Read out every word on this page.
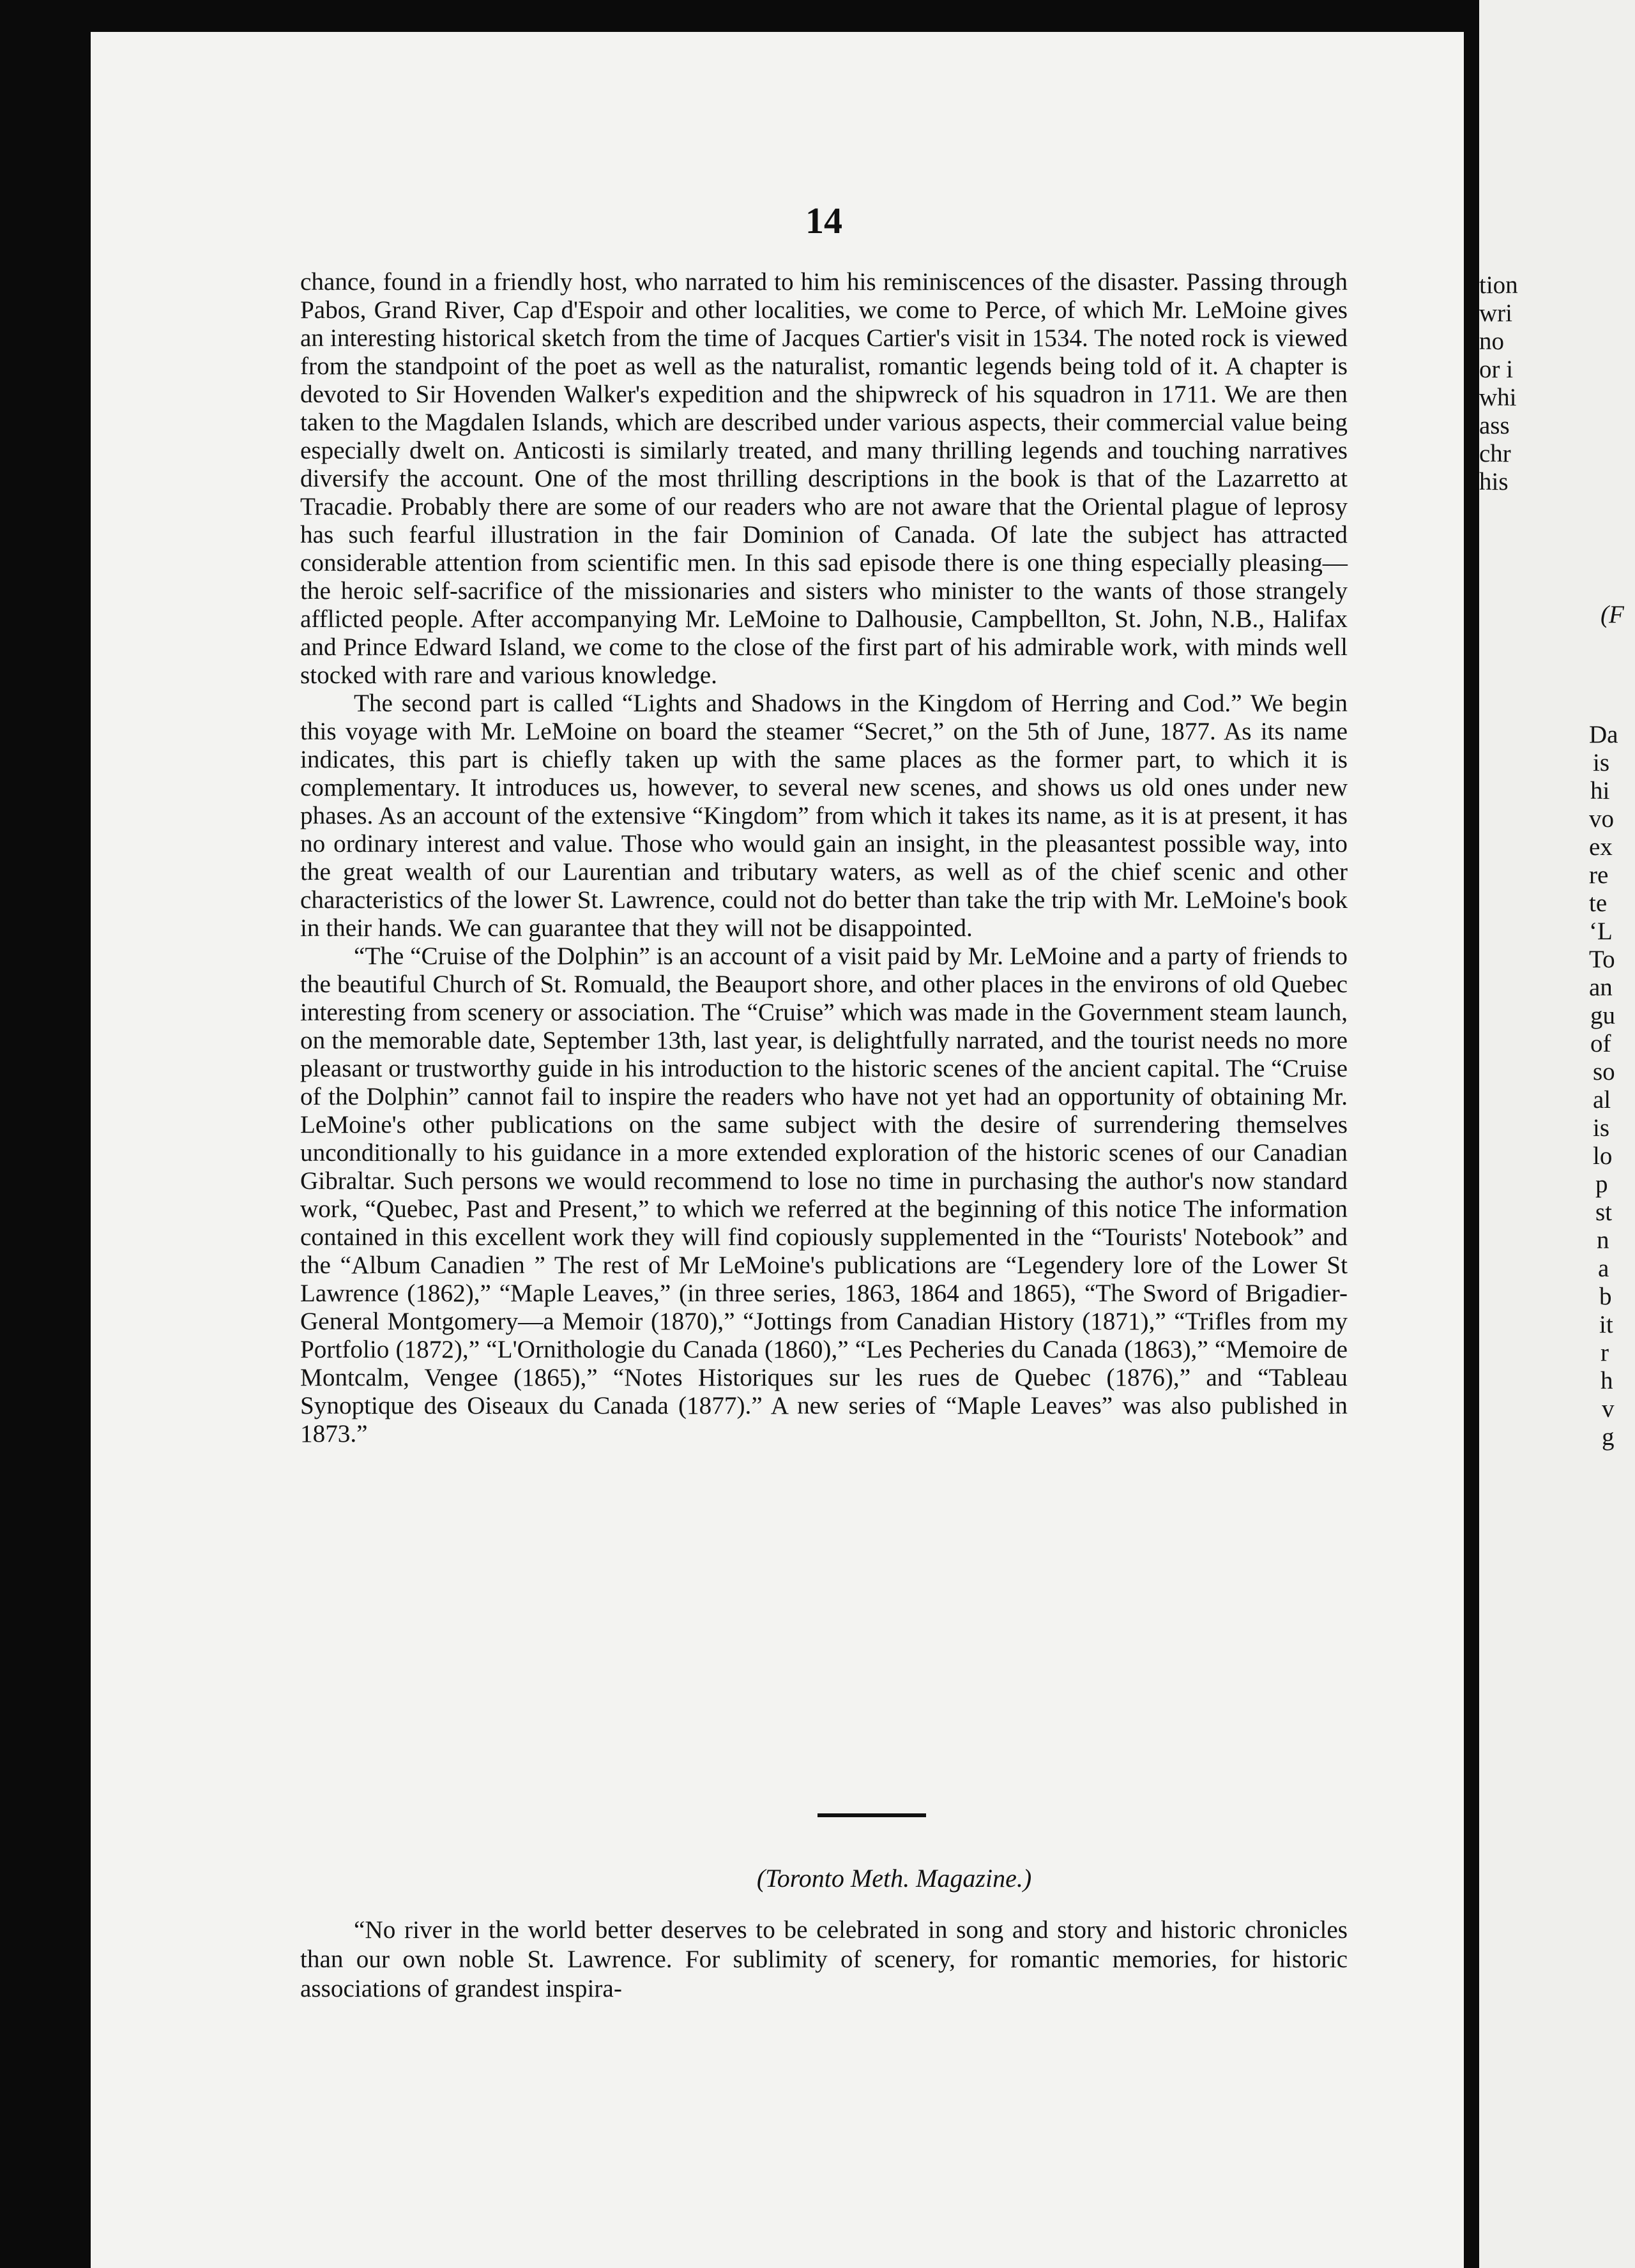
14

chance, found in a friendly host, who narrated to him his reminiscences of the disaster. Passing through Pabos, Grand River, Cap d'Espoir and other localities, we come to Perce, of which Mr. LeMoine gives an interesting historical sketch from the time of Jacques Cartier's visit in 1534. The noted rock is viewed from the standpoint of the poet as well as the naturalist, romantic legends being told of it. A chapter is devoted to Sir Hovenden Walker's expedition and the shipwreck of his squadron in 1711. We are then taken to the Magdalen Islands, which are described under various aspects, their commercial value being especially dwelt on. Anticosti is similarly treated, and many thrilling legends and touching narratives diversify the account. One of the most thrilling descriptions in the book is that of the Lazarretto at Tracadie. Probably there are some of our readers who are not aware that the Oriental plague of leprosy has such fearful illustration in the fair Dominion of Canada. Of late the subject has attracted considerable attention from scientific men. In this sad episode there is one thing especially pleasing—the heroic self-sacrifice of the missionaries and sisters who minister to the wants of those strangely afflicted people. After accompanying Mr. LeMoine to Dalhousie, Campbellton, St. John, N.B., Halifax and Prince Edward Island, we come to the close of the first part of his admirable work, with minds well stocked with rare and various knowledge.

The second part is called “Lights and Shadows in the Kingdom of Herring and Cod.” We begin this voyage with Mr. LeMoine on board the steamer “Secret,” on the 5th of June, 1877. As its name indicates, this part is chiefly taken up with the same places as the former part, to which it is complementary. It introduces us, however, to several new scenes, and shows us old ones under new phases. As an account of the extensive “Kingdom” from which it takes its name, as it is at present, it has no ordinary interest and value. Those who would gain an insight, in the pleasantest possible way, into the great wealth of our Laurentian and tributary waters, as well as of the chief scenic and other characteristics of the lower St. Lawrence, could not do better than take the trip with Mr. LeMoine's book in their hands. We can guarantee that they will not be disappointed.

“The “Cruise of the Dolphin” is an account of a visit paid by Mr. LeMoine and a party of friends to the beautiful Church of St. Romuald, the Beauport shore, and other places in the environs of old Quebec interesting from scenery or association. The “Cruise” which was made in the Government steam launch, on the memorable date, September 13th, last year, is delightfully narrated, and the tourist needs no more pleasant or trustworthy guide in his introduction to the historic scenes of the ancient capital. The “Cruise of the Dolphin” cannot fail to inspire the readers who have not yet had an opportunity of obtaining Mr. LeMoine's other publications on the same subject with the desire of surrendering themselves unconditionally to his guidance in a more extended exploration of the historic scenes of our Canadian Gibraltar. Such persons we would recommend to lose no time in purchasing the author's now standard work, “Quebec, Past and Present,” to which we referred at the beginning of this notice The information contained in this excellent work they will find copiously supplemented in the “Tourists' Notebook” and the “Album Canadien ” The rest of Mr LeMoine's publications are “Legendery lore of the Lower St Lawrence (1862),” “Maple Leaves,” (in three series, 1863, 1864 and 1865), “The Sword of Brigadier-General Montgomery—a Memoir (1870),” “Jottings from Canadian History (1871),” “Trifles from my Portfolio (1872),” “L'Ornithologie du Canada (1860),” “Les Pecheries du Canada (1863),” “Memoire de Montcalm, Vengee (1865),” “Notes Historiques sur les rues de Quebec (1876),” and “Tableau Synoptique des Oiseaux du Canada (1877).” A new series of “Maple Leaves” was also published in 1873.”

(Toronto Meth. Magazine.)

“No river in the world better deserves to be celebrated in song and story and historic chronicles than our own noble St. Lawrence. For sublimity of scenery, for romantic memories, for historic associations of grandest inspira-

tion
wri
no
or i
whi
ass
chr
his
(F
Da
is
hi
vo
ex
re
te
‘L
To
an
gu
of
so
al
is
lo
p
st
n
a
b
it
r
h
v
g
